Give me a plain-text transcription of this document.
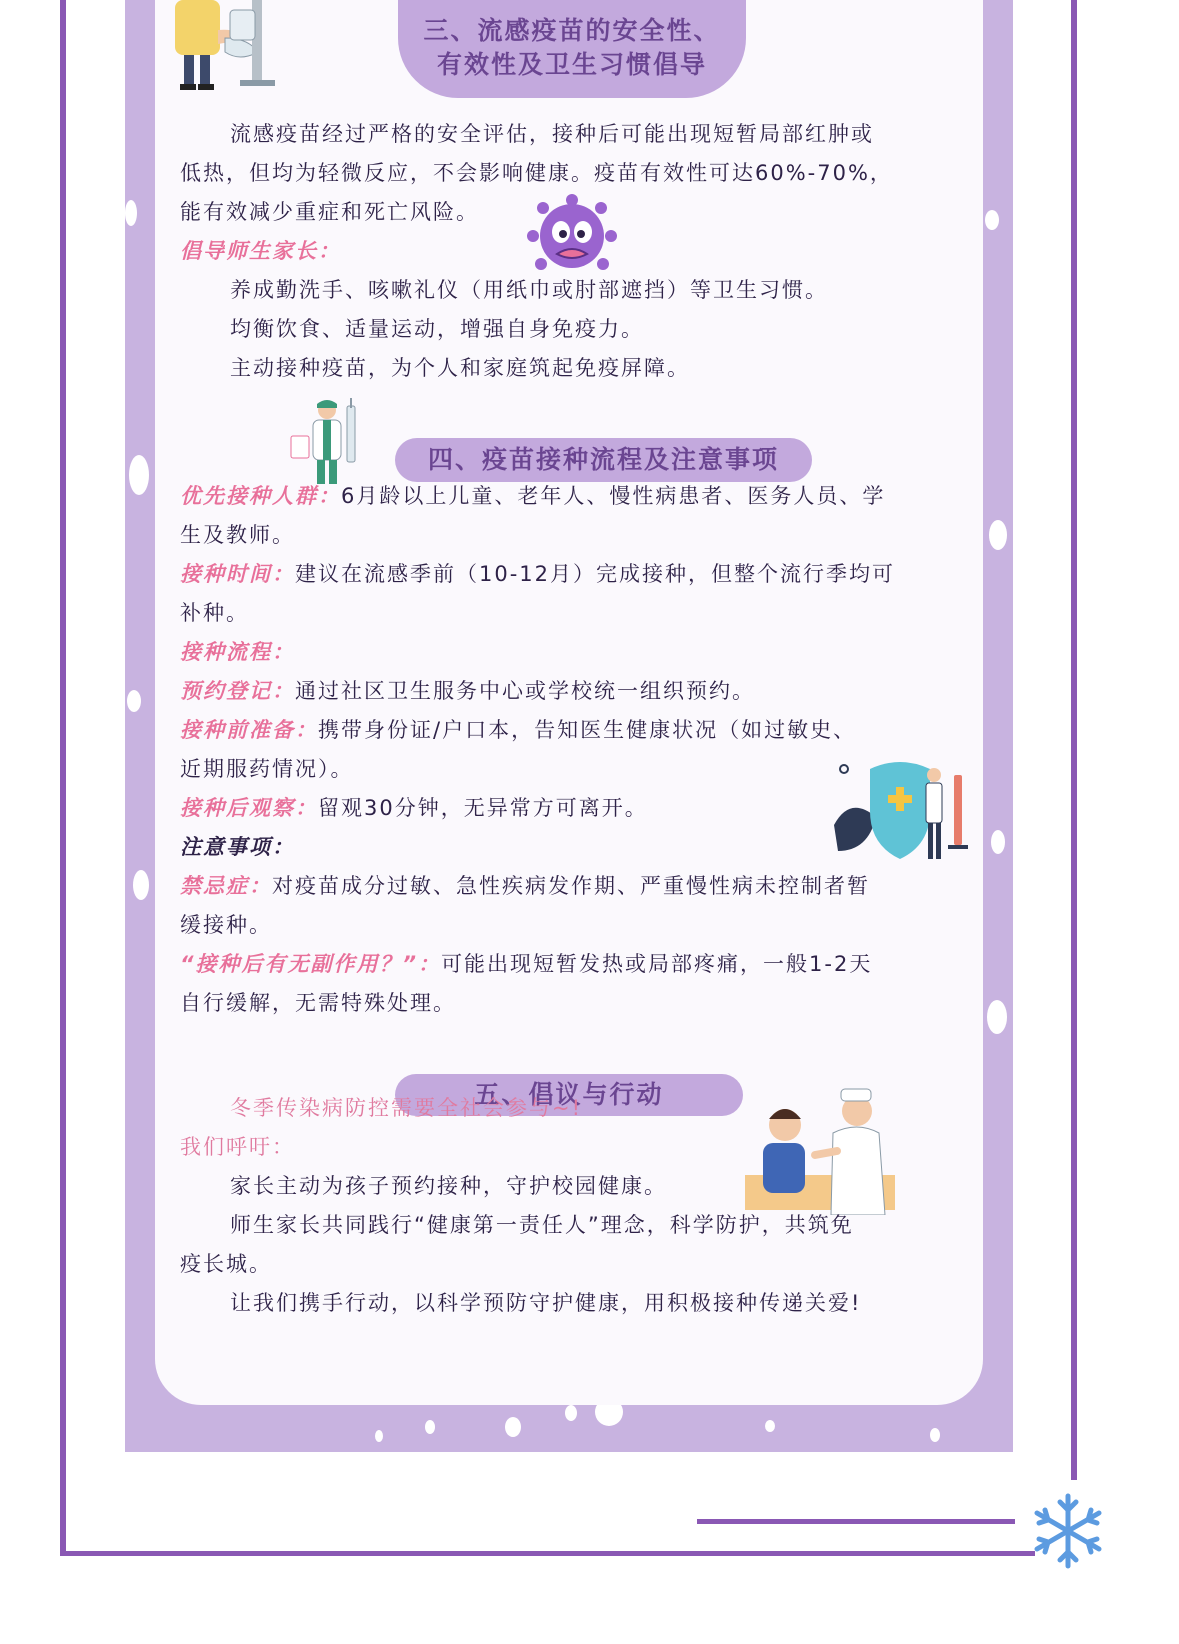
三、流感疫苗的安全性、
有效性及卫生习惯倡导
流感疫苗经过严格的安全评估，接种后可能出现短暂局部红肿或
低热，但均为轻微反应，不会影响健康。疫苗有效性可达60%-70%，
能有效减少重症和死亡风险。
倡导师生家长：
养成勤洗手、咳嗽礼仪（用纸巾或肘部遮挡）等卫生习惯。
均衡饮食、适量运动，增强自身免疫力。
主动接种疫苗，为个人和家庭筑起免疫屏障。
四、疫苗接种流程及注意事项
优先接种人群：6月龄以上儿童、老年人、慢性病患者、医务人员、学
生及教师。
接种时间：建议在流感季前（10-12月）完成接种，但整个流行季均可
补种。
接种流程：
预约登记：通过社区卫生服务中心或学校统一组织预约。
接种前准备：携带身份证/户口本，告知医生健康状况（如过敏史、
近期服药情况）。
接种后观察：留观30分钟，无异常方可离开。
注意事项：
禁忌症：对疫苗成分过敏、急性疾病发作期、严重慢性病未控制者暂
缓接种。
“接种后有无副作用？”：可能出现短暂发热或局部疼痛，一般1-2天
自行缓解，无需特殊处理。
五、倡议与行动
冬季传染病防控需要全社会参与~!
我们呼吁：
家长主动为孩子预约接种，守护校园健康。
师生家长共同践行“健康第一责任人”理念，科学防护，共筑免
疫长城。
让我们携手行动，以科学预防守护健康，用积极接种传递关爱!
